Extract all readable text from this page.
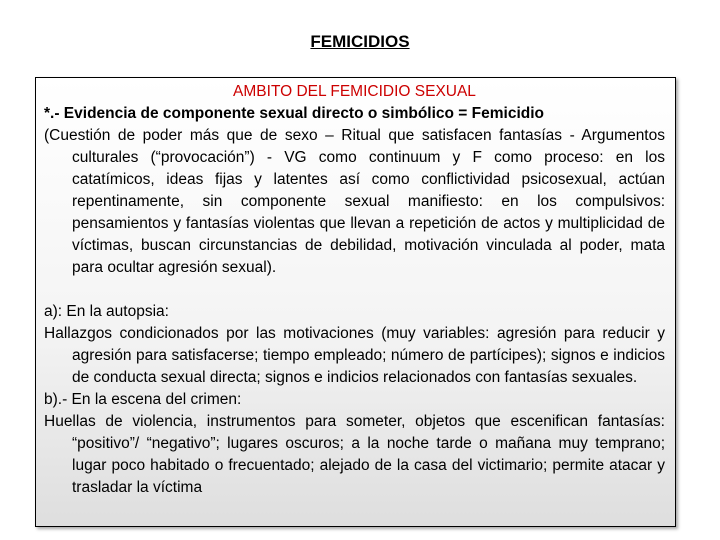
FEMICIDIOS

AMBITO DEL FEMICIDIO SEXUAL

*.- Evidencia de componente sexual directo o simbólico = Femicidio

(Cuestión de poder más que de sexo – Ritual que satisfacen fantasías - Argumentos culturales (“provocación”) - VG como continuum y F como proceso: en los catatímicos, ideas fijas y latentes así como conflictividad psicosexual, actúan repentinamente, sin componente sexual manifiesto: en los compulsivos: pensamientos y fantasías violentas que llevan a repetición de actos y multiplicidad de víctimas, buscan circunstancias de debilidad, motivación vinculada al poder, mata para ocultar agresión sexual).

a): En la autopsia:

Hallazgos condicionados por las motivaciones (muy variables: agresión para reducir y agresión para satisfacerse; tiempo empleado; número de partícipes); signos e indicios de conducta sexual directa; signos e indicios relacionados con fantasías sexuales.

b).- En la escena del crimen:

Huellas de violencia, instrumentos para someter, objetos que escenifican fantasías: “positivo”/ “negativo”; lugares oscuros; a la noche tarde o mañana muy temprano; lugar poco habitado o frecuentado; alejado de la casa del victimario; permite atacar y trasladar la víctima
